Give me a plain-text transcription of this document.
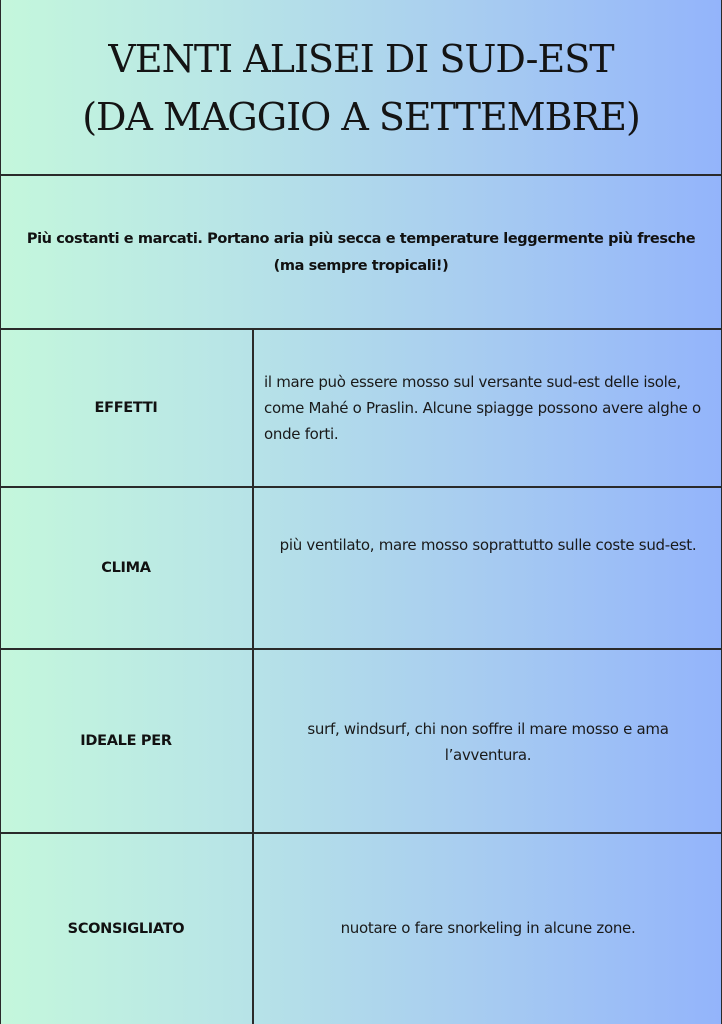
VENTI ALISEI DI SUD-EST
(DA MAGGIO A SETTEMBRE)
Più costanti e marcati. Portano aria più secca e temperature leggermente più fresche (ma sempre tropicali!)
EFFETTI
il mare può essere mosso sul versante sud-est delle isole, come Mahé o Praslin. Alcune spiagge possono avere alghe o onde forti.
CLIMA
più ventilato, mare mosso soprattutto sulle coste sud-est.
IDEALE PER
surf, windsurf, chi non soffre il mare mosso e ama l’avventura.
SCONSIGLIATO	nuotare o fare snorkeling in alcune zone.
